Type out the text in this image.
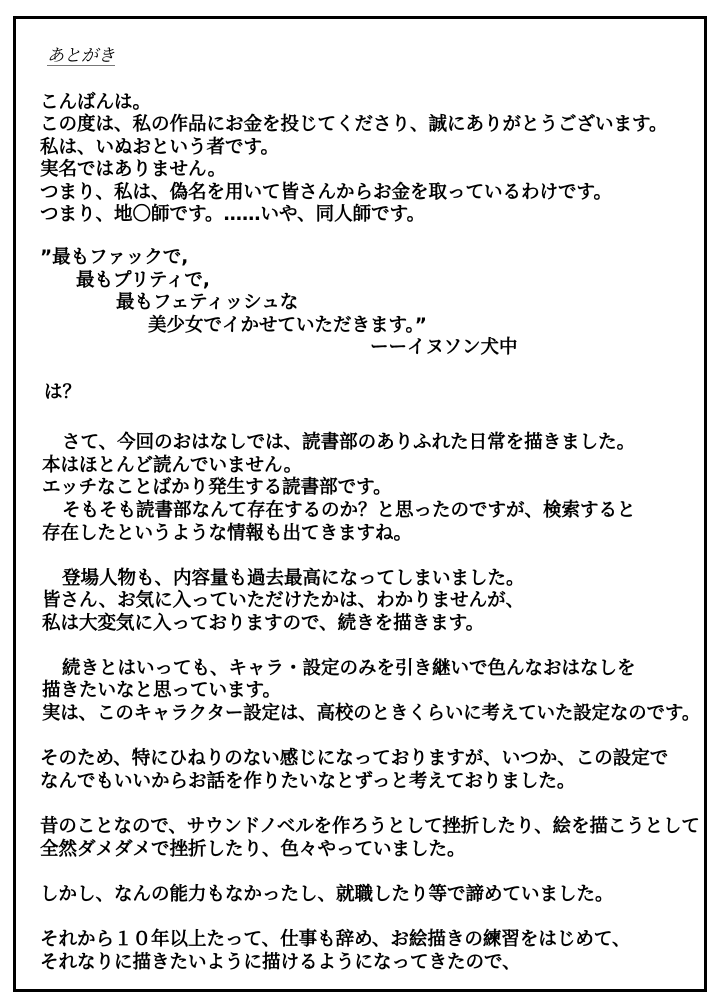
あとがき
こんばんは。
この度は、私の作品にお金を投じてくださり、誠にありがとうございます。
私は、いぬおという者です。
実名ではありません。
つまり、私は、偽名を用いて皆さんからお金を取っているわけです。
つまり、地〇師です。……いや、同人師です。
”最もファックで,
最もプリティで,
最もフェティッシュな
美少女でイかせていただきます。”
ーーイヌソン犬中
は？
さて、今回のおはなしでは、読書部のありふれた日常を描きました。
本はほとんど読んでいません。
エッチなことばかり発生する読書部です。
そもそも読書部なんて存在するのか？と思ったのですが、検索すると
存在したというような情報も出てきますね。
登場人物も、内容量も過去最高になってしまいました。
皆さん、お気に入っていただけたかは、わかりませんが、
私は大変気に入っておりますので、続きを描きます。
続きとはいっても、キャラ・設定のみを引き継いで色んなおはなしを
描きたいなと思っています。
実は、このキャラクター設定は、高校のときくらいに考えていた設定なのです。
そのため、特にひねりのない感じになっておりますが、いつか、この設定で
なんでもいいからお話を作りたいなとずっと考えておりました。
昔のことなので、サウンドノベルを作ろうとして挫折したり、絵を描こうとして
全然ダメダメで挫折したり、色々やっていました。
しかし、なんの能力もなかったし、就職したり等で諦めていました。
それから１０年以上たって、仕事も辞め、お絵描きの練習をはじめて、
それなりに描きたいように描けるようになってきたので、
